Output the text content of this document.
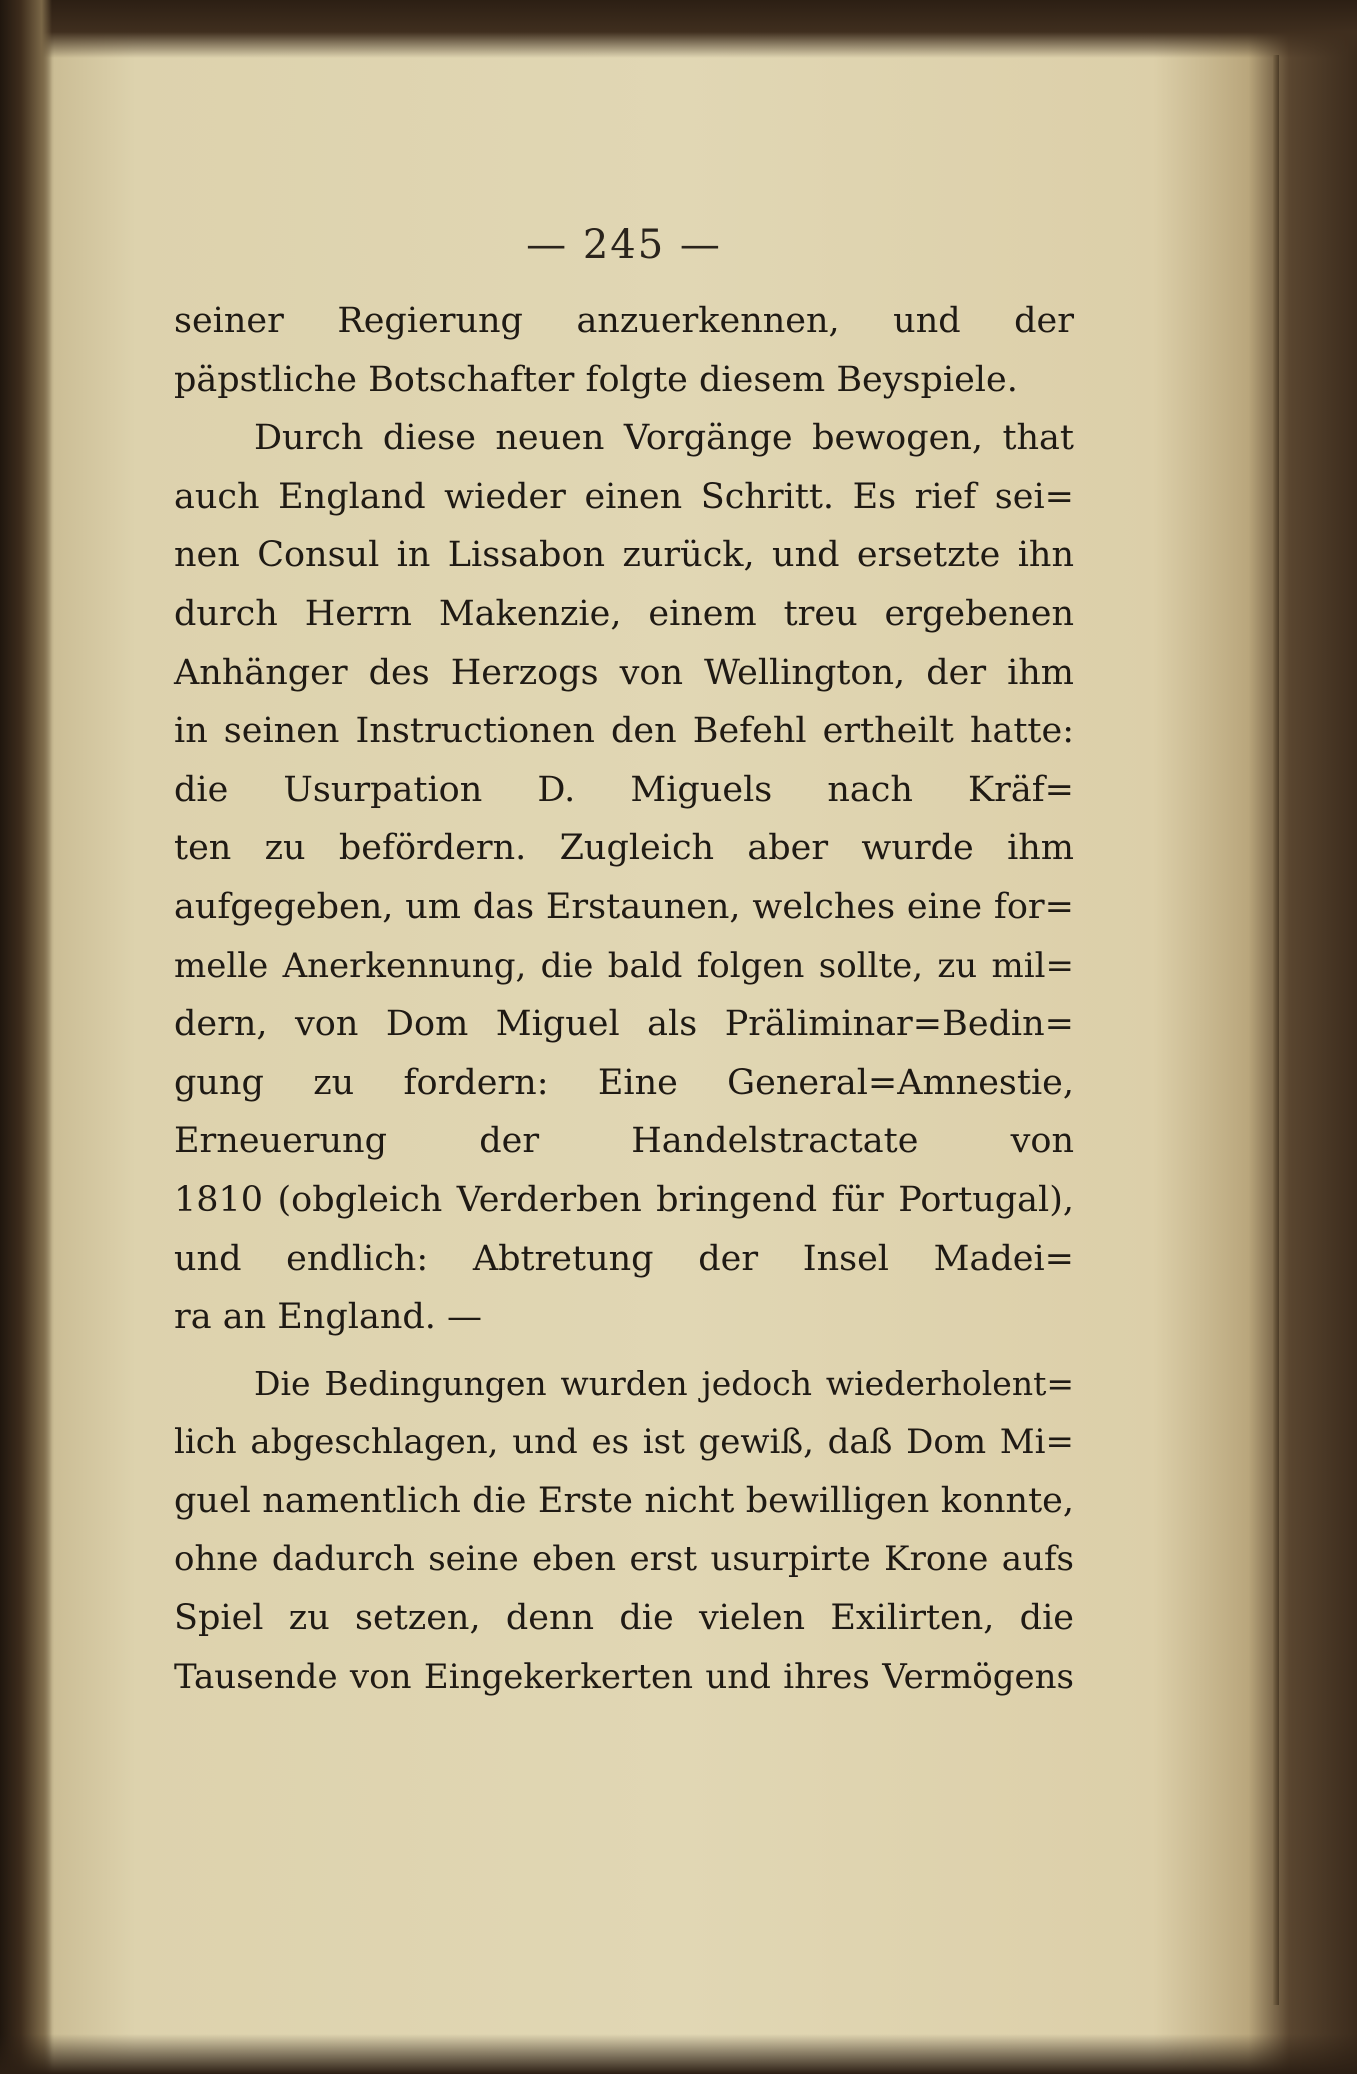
— 245 —
seiner Regierung anzuerkennen, und der
päpstliche Botschafter folgte diesem Beyspiele.
Durch diese neuen Vorgänge bewogen, that
auch England wieder einen Schritt. Es rief sei=
nen Consul in Lissabon zurück, und ersetzte ihn
durch Herrn Makenzie, einem treu ergebenen
Anhänger des Herzogs von Wellington, der ihm
in seinen Instructionen den Befehl ertheilt hatte:
die Usurpation D. Miguels nach Kräf=
ten zu befördern. Zugleich aber wurde ihm
aufgegeben, um das Erstaunen, welches eine for=
melle Anerkennung, die bald folgen sollte, zu mil=
dern, von Dom Miguel als Präliminar=Bedin=
gung zu fordern: Eine General=Amnestie,
Erneuerung der Handelstractate von
1810 (obgleich Verderben bringend für Portugal),
und endlich: Abtretung der Insel Madei=
ra an England. —
Die Bedingungen wurden jedoch wiederholent=
lich abgeschlagen, und es ist gewiß, daß Dom Mi=
guel namentlich die Erste nicht bewilligen konnte,
ohne dadurch seine eben erst usurpirte Krone aufs
Spiel zu setzen, denn die vielen Exilirten, die
Tausende von Eingekerkerten und ihres Vermögens
